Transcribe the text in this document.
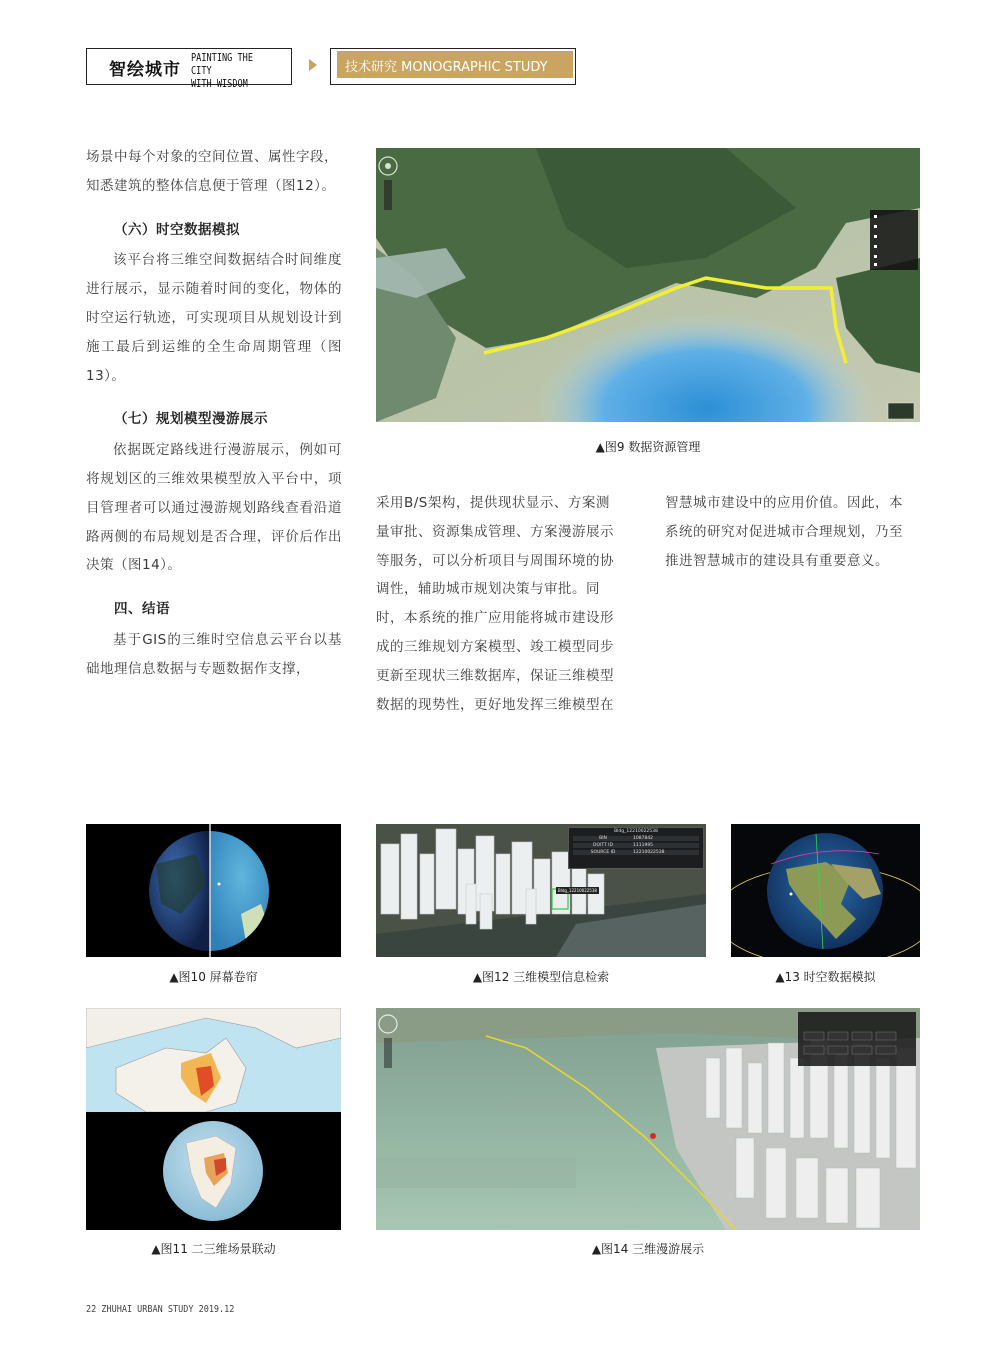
智绘城市
PAINTING THE CITY
WITH WISDOM
技术研究 MONOGRAPHIC STUDY
场景中每个对象的空间位置、属性字段，
知悉建筑的整体信息便于管理（图12）。
（六）时空数据模拟
该平台将三维空间数据结合时间维度进行展示，显示随着时间的变化，物体的时空运行轨迹，可实现项目从规划设计到施工最后到运维的全生命周期管理（图13）。
（七）规划模型漫游展示
依据既定路线进行漫游展示，例如可将规划区的三维效果模型放入平台中，项目管理者可以通过漫游规划路线查看沿道路两侧的布局规划是否合理，评价后作出决策（图14）。
四、结语
基于GIS的三维时空信息云平台以基础地理信息数据与专题数据作支撑，
采用B/S架构，提供现状显示、方案测
量审批、资源集成管理、方案漫游展示
等服务，可以分析项目与周围环境的协
调性，辅助城市规划决策与审批。同
时，本系统的推广应用能将城市建设形
成的三维规划方案模型、竣工模型同步
更新至现状三维数据库，保证三维模型
数据的现势性，更好地发挥三维模型在
智慧城市建设中的应用价值。因此，本
系统的研究对促进城市合理规划，乃至
推进智慧城市的建设具有重要意义。
▲图9 数据资源管理
▲图10 屏幕卷帘
Bldg_12210022538
BIN	1087842
DOITT ID	1111995
SOURCE ID	12210022538
Bldg_12210022538
▲图12 三维模型信息检索	▲13 时空数据模拟
▲图11 二三维场景联动	▲图14 三维漫游展示
22 ZHUHAI URBAN STUDY 2019.12
